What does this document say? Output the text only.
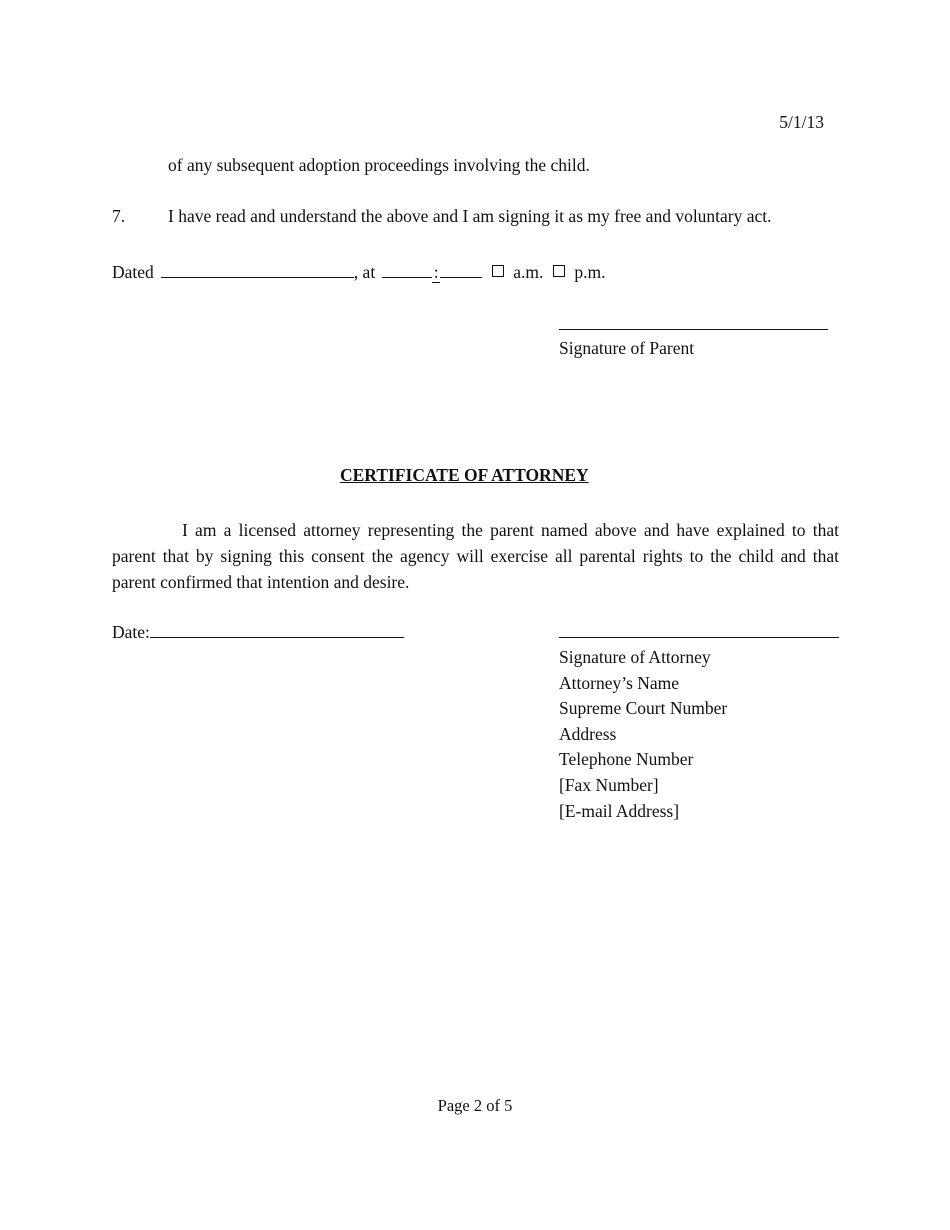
5/1/13
of any subsequent adoption proceedings involving the child.
7. I have read and understand the above and I am signing it as my free and voluntary act.
Dated	, at	:	a.m. p.m.
Signature of Parent
CERTIFICATE OF ATTORNEY
I am a licensed attorney representing the parent named above and have explained to that parent that by signing this consent the agency will exercise all parental rights to the child and that parent confirmed that intention and desire.
Date:
Signature of Attorney
Attorney’s Name
Supreme Court Number
Address
Telephone Number
[Fax Number]
[E-mail Address]
Page 2 of 5
